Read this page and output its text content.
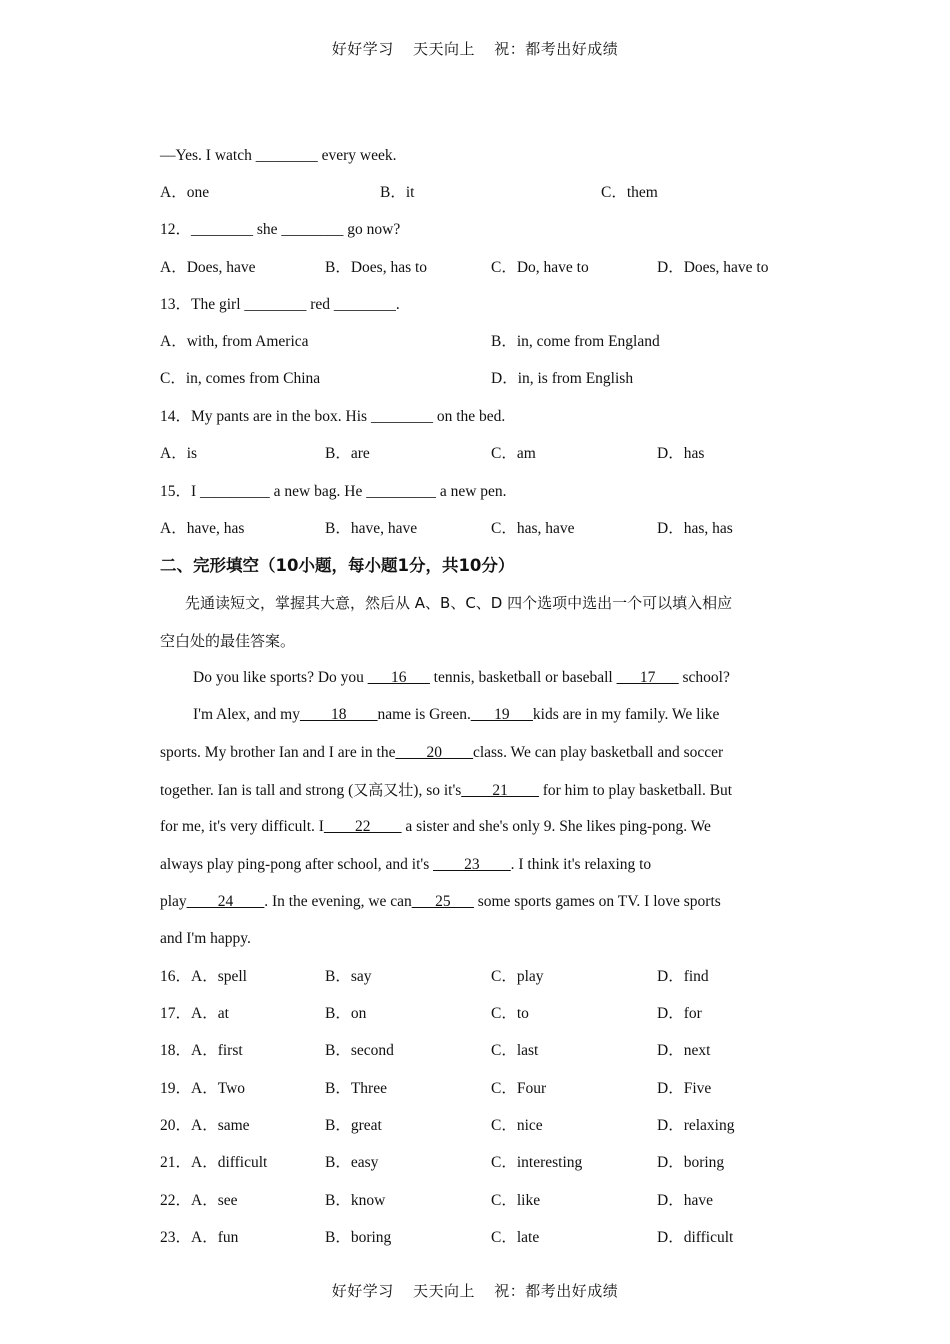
好好学习 天天向上 祝：都考出好成绩
—Yes. I watch ________ every week.
A．one	B．it	C．them
12．________ she ________ go now?
A．Does, have	B．Does, has to	C．Do, have to	D．Does, have to
13．The girl ________ red ________.
A．with, from America	B．in, come from England
C．in, comes from China	D．in, is from English
14．My pants are in the box. His ________ on the bed.
A．is	B．are	C．am	D．has
15．I _________ a new bag. He _________ a new pen.
A．have, has	B．have, have	C．has, have	D．has, has
二、完形填空（10小题，每小题1分，共10分）
先通读短文，掌握其大意，然后从 A、B、C、D 四个选项中选出一个可以填入相应
空白处的最佳答案。
Do you like sports? Do you ___16___ tennis, basketball or baseball ___17___ school?
I'm Alex, and my____18____name is Green.___19___kids are in my family. We like
sports. My brother Ian and I are in the____20____class. We can play basketball and soccer
together. Ian is tall and strong (又高又壮), so it's____21____ for him to play basketball. But
for me, it's very difficult. I____22____ a sister and she's only 9. She likes ping-pong. We
always play ping-pong after school, and it's ____23____. I think it's relaxing to
play____24____. In the evening, we can___25___ some sports games on TV. I love sports
and I'm happy.
16．A．spell	B．say	C．play	D．find
17．A．at	B．on	C．to	D．for
18．A．first	B．second	C．last	D．next
19．A．Two	B．Three	C．Four	D．Five
20．A．same	B．great	C．nice	D．relaxing
21．A．difficult	B．easy	C．interesting	D．boring
22．A．see	B．know	C．like	D．have
23．A．fun	B．boring	C．late	D．difficult
好好学习 天天向上 祝：都考出好成绩
